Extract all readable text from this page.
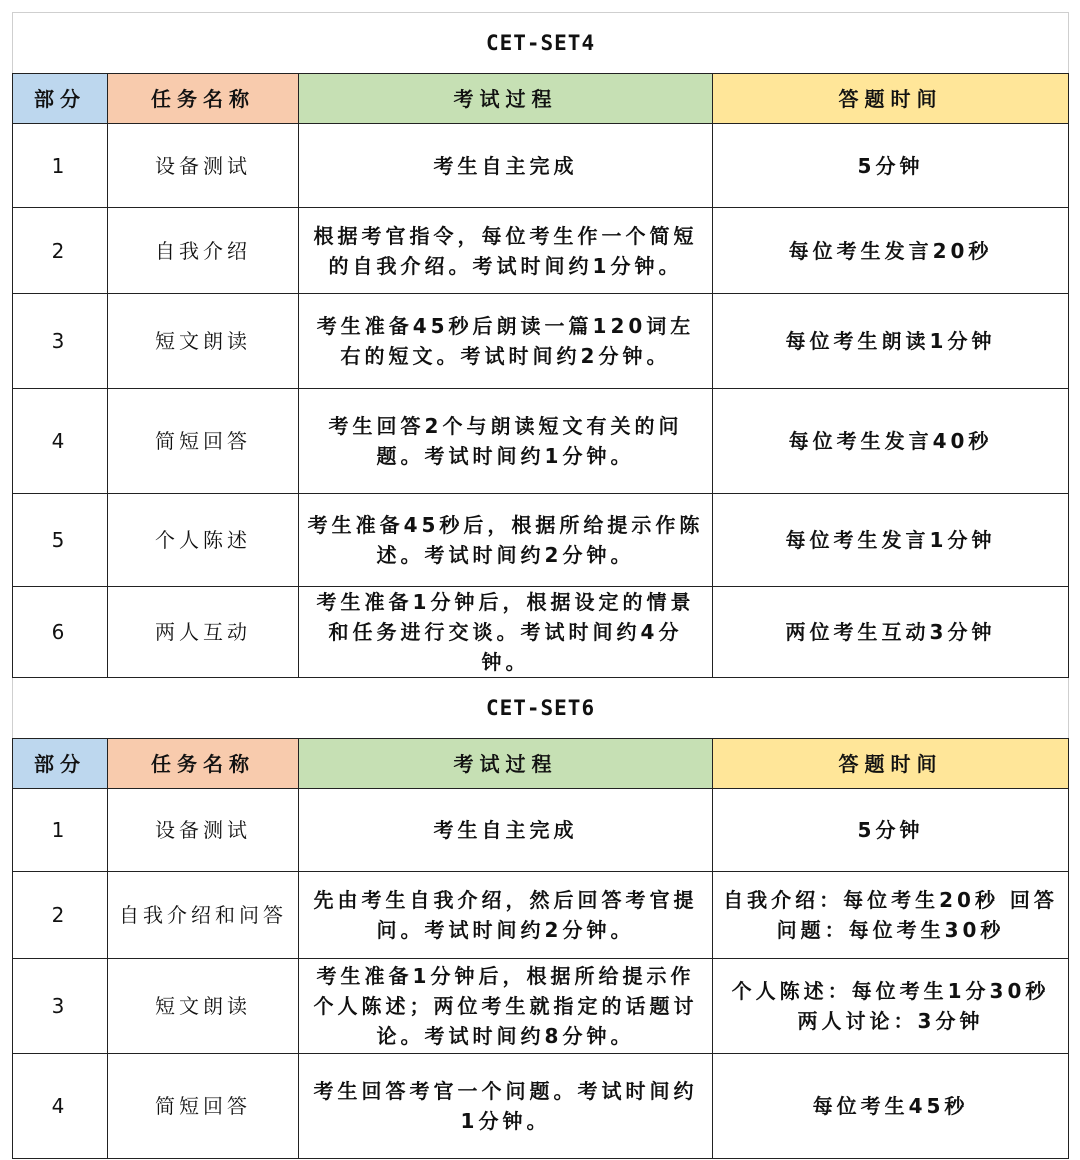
CET-SET4			
部分	任务名称	考试过程	答题时间
1	设备测试	考生自主完成	5分钟
2	自我介绍	根据考官指令，每位考生作一个简短的自我介绍。考试时间约1分钟。	每位考生发言20秒
3	短文朗读	考生准备45秒后朗读一篇120词左右的短文。考试时间约2分钟。	每位考生朗读1分钟
4	简短回答	考生回答2个与朗读短文有关的问题。考试时间约1分钟。	每位考生发言40秒
5	个人陈述	考生准备45秒后，根据所给提示作陈述。考试时间约2分钟。	每位考生发言1分钟
6	两人互动	考生准备1分钟后，根据设定的情景和任务进行交谈。考试时间约4分钟。	两位考生互动3分钟
CET-SET6			
部分	任务名称	考试过程	答题时间
1	设备测试	考生自主完成	5分钟
2	自我介绍和问答	先由考生自我介绍，然后回答考官提问。考试时间约2分钟。	自我介绍：每位考生20秒 回答问题：每位考生30秒
3	短文朗读	考生准备1分钟后，根据所给提示作个人陈述；两位考生就指定的话题讨论。考试时间约8分钟。	个人陈述：每位考生1分30秒 两人讨论：3分钟
4	简短回答	考生回答考官一个问题。考试时间约1分钟。	每位考生45秒
